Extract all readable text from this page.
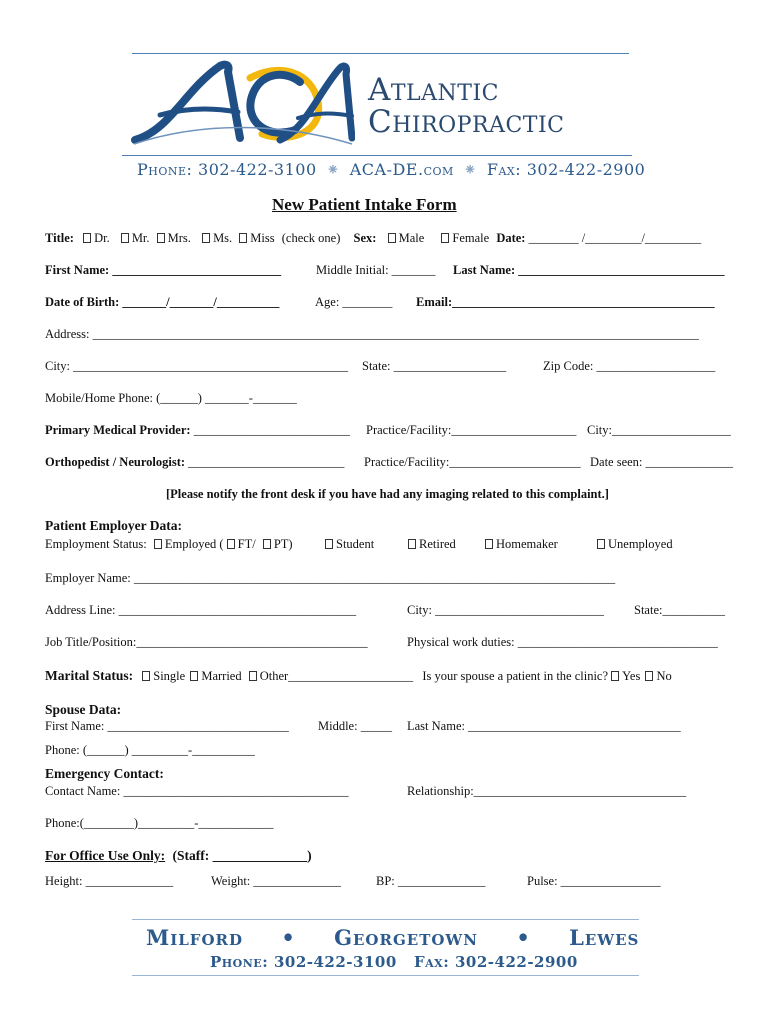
ACA
Atlantic
Chiropractic
Phone: 302-422-3100 ⁕ ACA-DE.com ⁕ Fax: 302-422-2900
New Patient Intake Form
Title: Dr. Mr. Mrs. Ms. Miss (check one) Sex: Male Female Date: ________ /_________/_________
First Name: ___________________________	Middle Initial: _______ Last Name: _________________________________
Date of Birth: _______/_______/__________	Age: ________ Email:__________________________________________
Address: _________________________________________________________________________________________________
City: ____________________________________________ State: __________________	Zip Code: ___________________
Mobile/Home Phone: (______) _______-_______
Primary Medical Provider: _________________________ Practice/Facility:____________________ City:___________________
Orthopedist / Neurologist: _________________________ Practice/Facility:_____________________ Date seen: ______________
[Please notify the front desk if you have had any imaging related to this complaint.]
Patient Employer Data:
Employment Status: Employed ( FT/ PT)	Student	Retired	Homemaker	Unemployed
Employer Name: _____________________________________________________________________________
Address Line: ______________________________________	City: ___________________________ State:__________
Job Title/Position:_____________________________________	Physical work duties: ________________________________
Marital Status: Single Married Other____________________ Is your spouse a patient in the clinic? Yes No
Spouse Data:
First Name: _____________________________ Middle: _____ Last Name: __________________________________
Phone: (______) _________-__________
Emergency Contact:
Contact Name: ____________________________________	Relationship:__________________________________
Phone:(________)_________-____________
For Office Use Only: (Staff: ______________)
Height: ______________	Weight: ______________	BP: ______________	Pulse: ________________
Milford • Georgetown • Lewes
Phone: 302-422-3100 Fax: 302-422-2900
